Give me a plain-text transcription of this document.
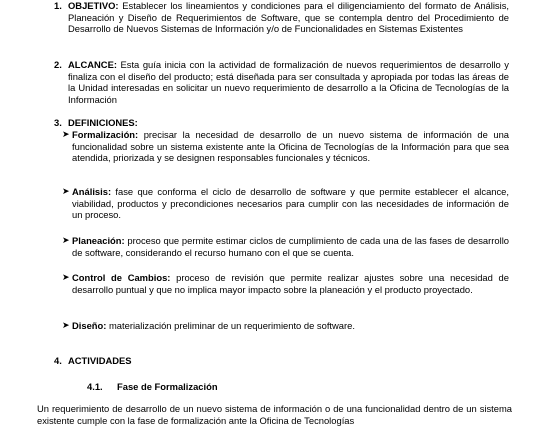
1. OBJETIVO: Establecer los lineamientos y condiciones para el diligenciamiento del formato de Análisis, Planeación y Diseño de Requerimientos de Software, que se contempla dentro del Procedimiento de Desarrollo de Nuevos Sistemas de Información y/o de Funcionalidades en Sistemas Existentes
2. ALCANCE: Esta guía inicia con la actividad de formalización de nuevos requerimientos de desarrollo y finaliza con el diseño del producto; está diseñada para ser consultada y apropiada por todas las áreas de la Unidad interesadas en solicitar un nuevo requerimiento de desarrollo a la Oficina de Tecnologías de la Información
3. DEFINICIONES:
➤ Formalización: precisar la necesidad de desarrollo de un nuevo sistema de información de una funcionalidad sobre un sistema existente ante la Oficina de Tecnologías de la Información para que sea atendida, priorizada y se designen responsables funcionales y técnicos.
➤ Análisis: fase que conforma el ciclo de desarrollo de software y que permite establecer el alcance, viabilidad, productos y precondiciones necesarios para cumplir con las necesidades de información de un proceso.
➤ Planeación: proceso que permite estimar ciclos de cumplimiento de cada una de las fases de desarrollo de software, considerando el recurso humano con el que se cuenta.
➤ Control de Cambios: proceso de revisión que permite realizar ajustes sobre una necesidad de desarrollo puntual y que no implica mayor impacto sobre la planeación y el producto proyectado.
➤ Diseño: materialización preliminar de un requerimiento de software.
4. ACTIVIDADES
4.1. Fase de Formalización
Un requerimiento de desarrollo de un nuevo sistema de información o de una funcionalidad dentro de un sistema existente cumple con la fase de formalización ante la Oficina de Tecnologías
